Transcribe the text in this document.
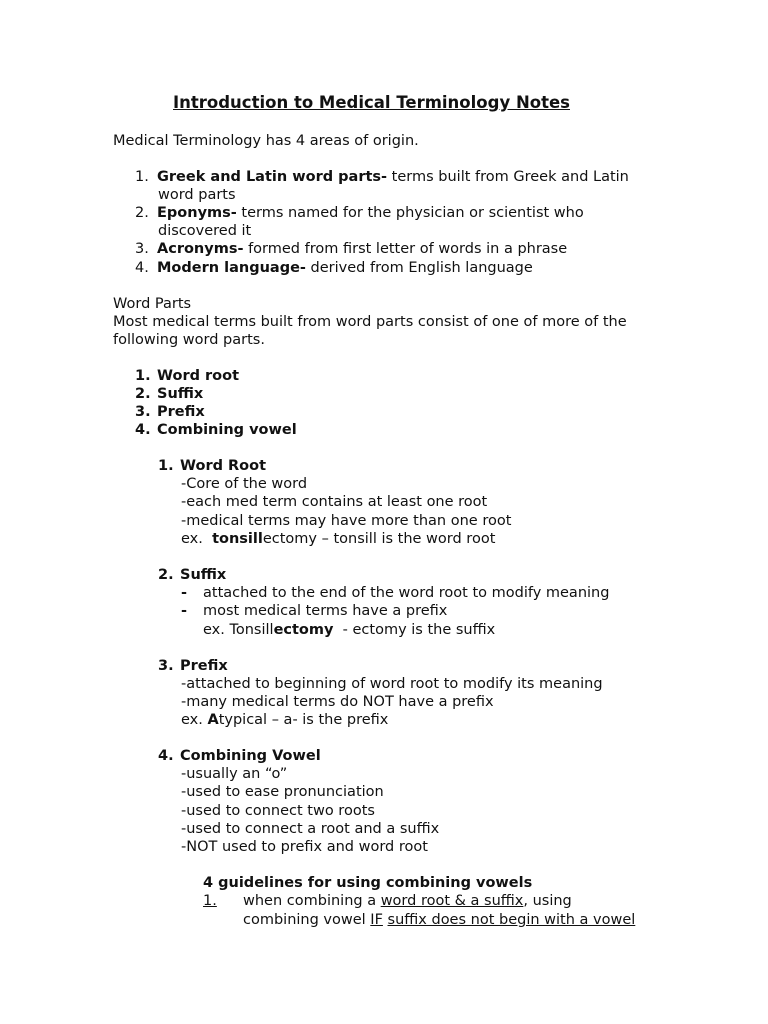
Introduction to Medical Terminology Notes
Medical Terminology has 4 areas of origin.
1. Greek and Latin word parts- terms built from Greek and Latin
word parts
2. Eponyms- terms named for the physician or scientist who
discovered it
3. Acronyms- formed from first letter of words in a phrase
4. Modern language- derived from English language
Word Parts
Most medical terms built from word parts consist of one of more of the
following word parts.
1. Word root
2. Suffix
3. Prefix
4. Combining vowel
1. Word Root
-Core of the word
-each med term contains at least one root
-medical terms may have more than one root
ex.  tonsillectomy – tonsill is the word root
2. Suffix
- attached to the end of the word root to modify meaning
- most medical terms have a prefix
ex. Tonsillectomy  - ectomy is the suffix
3. Prefix
-attached to beginning of word root to modify its meaning
-many medical terms do NOT have a prefix
ex. Atypical – a- is the prefix
4. Combining Vowel
-usually an “o”
-used to ease pronunciation
-used to connect two roots
-used to connect a root and a suffix
-NOT used to prefix and word root
4 guidelines for using combining vowels
1. when combining a word root & a suffix, using
combining vowel IF suffix does not begin with a vowel
